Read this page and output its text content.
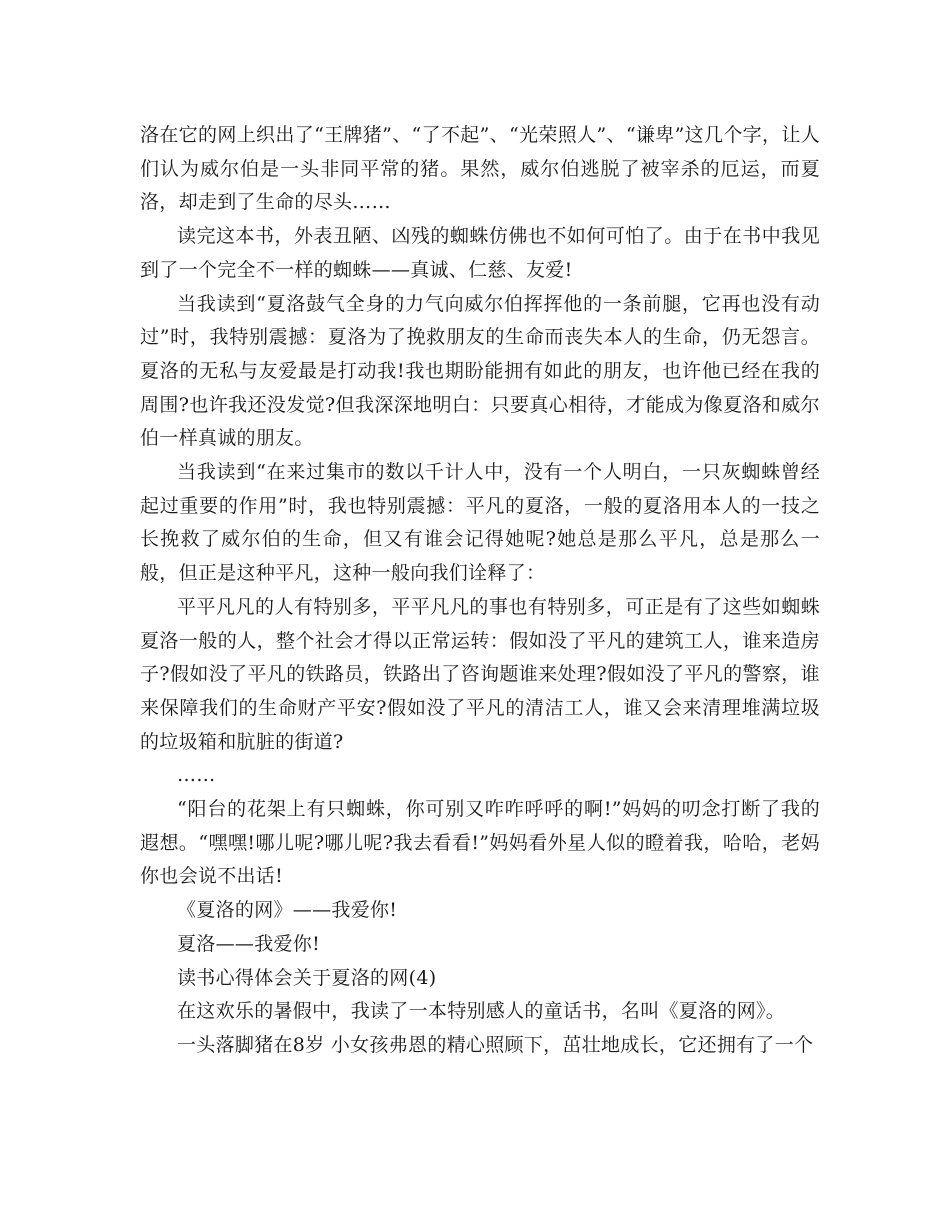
洛在它的网上织出了“王牌猪”、“了不起”、“光荣照人”、“谦卑”这几个字，让人们认为威尔伯是一头非同平常的猪。果然，威尔伯逃脱了被宰杀的厄运，而夏洛，却走到了生命的尽头……

读完这本书，外表丑陋、凶残的蜘蛛仿佛也不如何可怕了。由于在书中我见到了一个完全不一样的蜘蛛——真诚、仁慈、友爱!

当我读到“夏洛鼓气全身的力气向威尔伯挥挥他的一条前腿，它再也没有动过”时，我特别震撼：夏洛为了挽救朋友的生命而丧失本人的生命，仍无怨言。夏洛的无私与友爱最是打动我!我也期盼能拥有如此的朋友，也许他已经在我的周围?也许我还没发觉?但我深深地明白：只要真心相待，才能成为像夏洛和威尔伯一样真诚的朋友。

当我读到“在来过集市的数以千计人中，没有一个人明白，一只灰蜘蛛曾经起过重要的作用”时，我也特别震撼：平凡的夏洛，一般的夏洛用本人的一技之长挽救了威尔伯的生命，但又有谁会记得她呢?她总是那么平凡，总是那么一般，但正是这种平凡，这种一般向我们诠释了：

平平凡凡的人有特别多，平平凡凡的事也有特别多，可正是有了这些如蜘蛛夏洛一般的人，整个社会才得以正常运转：假如没了平凡的建筑工人，谁来造房子?假如没了平凡的铁路员，铁路出了咨询题谁来处理?假如没了平凡的警察，谁来保障我们的生命财产平安?假如没了平凡的清洁工人，谁又会来清理堆满垃圾的垃圾箱和肮脏的街道?

……

“阳台的花架上有只蜘蛛，你可别又咋咋呼呼的啊!”妈妈的叨念打断了我的遐想。“嘿嘿!哪儿呢?哪儿呢?我去看看!”妈妈看外星人似的瞪着我，哈哈，老妈你也会说不出话!

《夏洛的网》——我爱你!

夏洛——我爱你!

读书心得体会关于夏洛的网(4)

在这欢乐的暑假中，我读了一本特别感人的童话书，名叫《夏洛的网》。

一头落脚猪在8岁 小女孩弗恩的精心照顾下，茁壮地成长，它还拥有了一个
